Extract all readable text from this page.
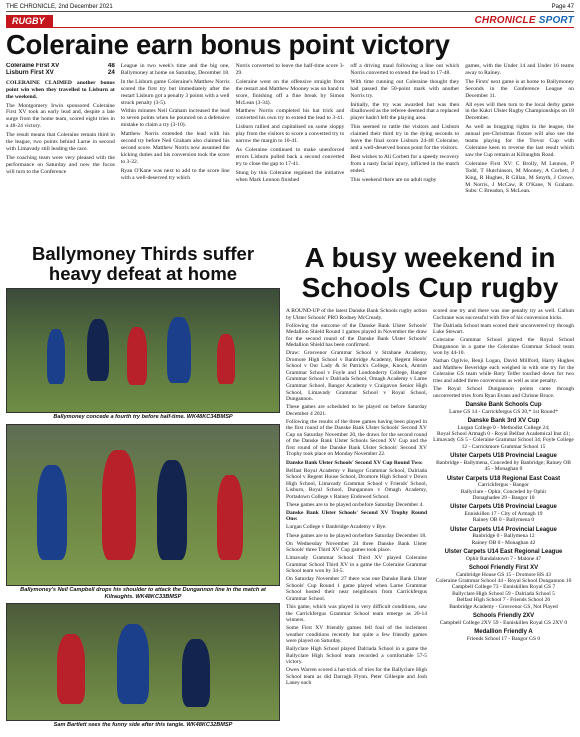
THE CHRONICLE, 2nd December 2021	Page 47
RUGBY	CHRONICLE SPORT
Coleraine earn bonus point victory
Coleraine First XV	48
Lisburn First XV	24

COLERAINE CLAIMED another bonus point win when they travelled to Lisburn at the weekend.

The Montgomery Irwin sponsored Coleraine First XV took an early lead and, despite a late surge from the home team, scored eight tries in a 48-24 victory.

The result means that Coleraine remain third in the league, two points behind Larne in second with Limavady still leading the race.

The coaching team were very pleased with the performance on Saturday and now the focus will turn to the Conference

League in two week's time and the big one, Ballymoney at home on Saturday, December 18.

In the Lisburn game Coleraine's Matthew Norris scored the first try but immediately after the restart Lisburn got a penalty 3 points with a well struck penalty (3-5).

Within minutes Neil Graham increased the lead to seven points when he pounced on a defensive mistake to claim a try (3-10).

Matthew Norris extended the lead with his second try before Neil Graham also claimed his second score. Matthew Norris now assumed the kicking duties and his conversion took the score to 3-22.

Ryan O'Kane was next to add to the score line with a well-deserved try which

Norris converted to leave the half-time score 3-29.

Coleraine went on the offensive straight from the restart and Matthew Mooney was on hand to score, finishing off a fine break by Simon McLean (3-34).

Matthew Norris completed his hat trick and converted his own try to extend the lead to 3-41.

Lisburn rallied and capitalised on some sloppy play from the visitors to score a converted try to narrow the margin to 10-41.

As Coleraine continued to make unenforced errors Lisburn pulled back a second converted try to close the gap to 17-41.

Stung by this Coleraine regained the initiative when Mark Lennon finished

off a driving maul following a line out which Norris converted to extend the lead to 17-48.

With time running out Coleraine thought they had passed the 50-point mark with another Norris try.

Initially, the try was awarded but was then disallowed as the referee deemed that a replaced player hadn't left the playing area.

This seemed to rattle the visitors and Lisburn claimed their third try in the dying seconds to leave the final score Lisburn 24-48 Coleraine, and a well-deserved bonus point for the visitors.

Best wishes to Ali Corbett for a speedy recovery from a nasty facial injury, inflicted in the match ended.

This weekend there are no adult rugby

games, with the Under 14 and Under 16 teams away to Rainey.

The Firsts' next game is at home to Ballymoney Seconds in the Conference League on December 11.

All eyes will then turn to the local derby game in the Kukri Ulster Rugby Championships on 18 December.

As well as bragging rights in the league, the annual pre-Christmas fixture will also see the teams playing for the Trevor Cup with Coleraine keen to reverse the last result which saw the Cup remain at Kilraughts Road.

Coleraine First XV: C Brolly, M Lennon, P Todd, T Hutchinson, M Mooney, A Corbett, J King, R Hughes, R Gillan, M Smyth, J Crowe, M Norris, J McCaw, R O'Kane, N Graham. Subs: C Breadon, S McLean.

Ballymoney Thirds suffer heavy defeat at home
Ballymoney concede a fourth try before half-time. WK48KC34BMSP
Ballymoney's Neil Campbell drops his shoulder to attack the Dungannon line in the match at Kilraughts. WK48KC33BMSP
Sam Bartlett sees the funny side after this tangle. WK48KC32BMSP
A busy weekend in Schools Cup rugby

A ROUND-UP of the latest Danske Bank Schools rugby action by Ulster Schools' PRO Rodney McCready.

Following the outcome of the Danske Bank Ulster Schools' Medallion Shield Round 1 games played in November the draw for the second round of the Danske Bank Ulster Schools' Medallion Shield has been confirmed.

Draw: Grosvenor Grammar School v Strabane Academy, Dromore High School v Banbridge Academy, Regent House School v Our Lady & St Patrick's College, Knock, Antrim Grammar School v Foyle and Londonderry College, Bangor Grammar School v Dalriada School, Omagh Academy v Larne Grammar School, Bangor Academy v Craigavon Senior High School, Limavady Grammar School v Royal School, Dungannon.

These games are scheduled to be played on before Saturday December 4 2021.

Following the results of the three games having been played in the first round of the Danske Bank Ulster Schools' Second XV Cup on Saturday November 20, the draws for the second round of the Danske Bank Ulster Schools Second XV Cup and the first round of the Danske Bank Ulster Schools' Second XV Trophy took place on Monday November 22.

Danske Bank Ulster Schools' Second XV Cup Round Two:

Belfast Royal Academy v Bangor Grammar School, Dalriada School v Regent House School, Dromore High School v Down High School, Limavady Grammar School v Friends' School, Lisburn, Royal School, Dungannon v Omagh Academy, Portadown College v Rainey Endowed School.

These games are to be played on/before Saturday December 4.

Danske Bank Ulster Schools' Second XV Trophy Round One:

Lurgan College v Banbridge Academy v Bye.

These games are to be played on/before Saturday December 18.

On Wednesday November 24 three Danske Bank Ulster Schools' three Third XV Cup games took place.

Limavady Grammar School Third XV played Coleraine Grammar School Third XV in a game the Coleraine Grammar School team won by 34-5.

On Saturday November 27 there was one Danske Bank Ulster Schools' Cup Round 1 game played when Larne Grammar School hosted their near neighbours from Carrickfergus Grammar School.

This game, which was played in very difficult conditions, saw the Carrickfergus Grammar School team emerge as 20-14 winners.

Some First XV friendly games fell foul of the inclement weather conditions recently but quite a few friendly games were played on Saturday.

Ballyclare High School played Dalriada School in a game the Ballyclare High School team recorded a comfortable 57-5 victory.

Owen Warren scored a hat-trick of tries for the Ballyclare High School team as did Darragh Flynn. Peter Gillespie and Josh Laney each

scored one try and there was one penalty try as well. Callum Cochrane was successful with five of his conversion kicks.

The Dalriada School team scored their unconverted try through Luke Stewart.

Coleraine Grammar School played the Royal School Dungannon in a game the Coleraine Grammar School team won by 44-10.

Nathan Ogilvie, Benji Logan, David Millford, Harry Hughes and Matthew Beveridge each weighed in with one try for the Coleraine GS team while Rory Telfer touched down for two tries and added three conversions as well as one penalty.

The Royal School Dungannon points came through unconverted tries from Ryan Evans and Chrisne Bruce.

Danske Bank Schools Cup
Larne GS 14 - Carrickfergus GS 20,* 1st Round*
Danske Bank 3rd XV Cup
Lurgan College 0 - Methodist College 24;
Royal School Armagh 0 - Royal Belfast Academical Inst 41; Limavady GS 5 - Coleraine Grammar School 34; Foyle College 12 - Carrickmore Grammar School 15
Ulster Carpets U18 Provincial League
Banbridge - Ballymena, Conceded by Banbridge; Rainey OB 45 - Monaghan 0
Ulster Carpets U18 Regional East Coast
Carrickfergus - Bangor
Ballyclare - Ophir, Conceded by Ophir
Donaghadee 29 - Bangor 10
Ulster Carpets U16 Provincial League
Enniskillen 17 - City of Armagh 19
Rainey OB 0 - Ballymena 0
Ulster Carpets U14 Provincial League
Banbridge 0 - Ballymena 12
Rainey OB 0 - Monaghan 42
Ulster Carpets U14 East Regional League
Ophir Randalstown 7 - Malone 47
School Friendly First XV
Cambridge House GS 15 - Dromore HS 43
Coleraine Grammar School 44 - Royal School Dungannon 10
Campbell College 73 - Enniskillen Royal GS 7
Ballyclare High School 59 - Dalriada School 5
Belfast High School 7 - Friends School 26
Banbridge Academy - Grosvenor GS, Not Played
Schools Friendly 2XV
Campbell College 2XV 59 - Enniskillen Royal GS 2XV 0
Medallion Friendly A
Friends School 17 - Bangor GS 0
